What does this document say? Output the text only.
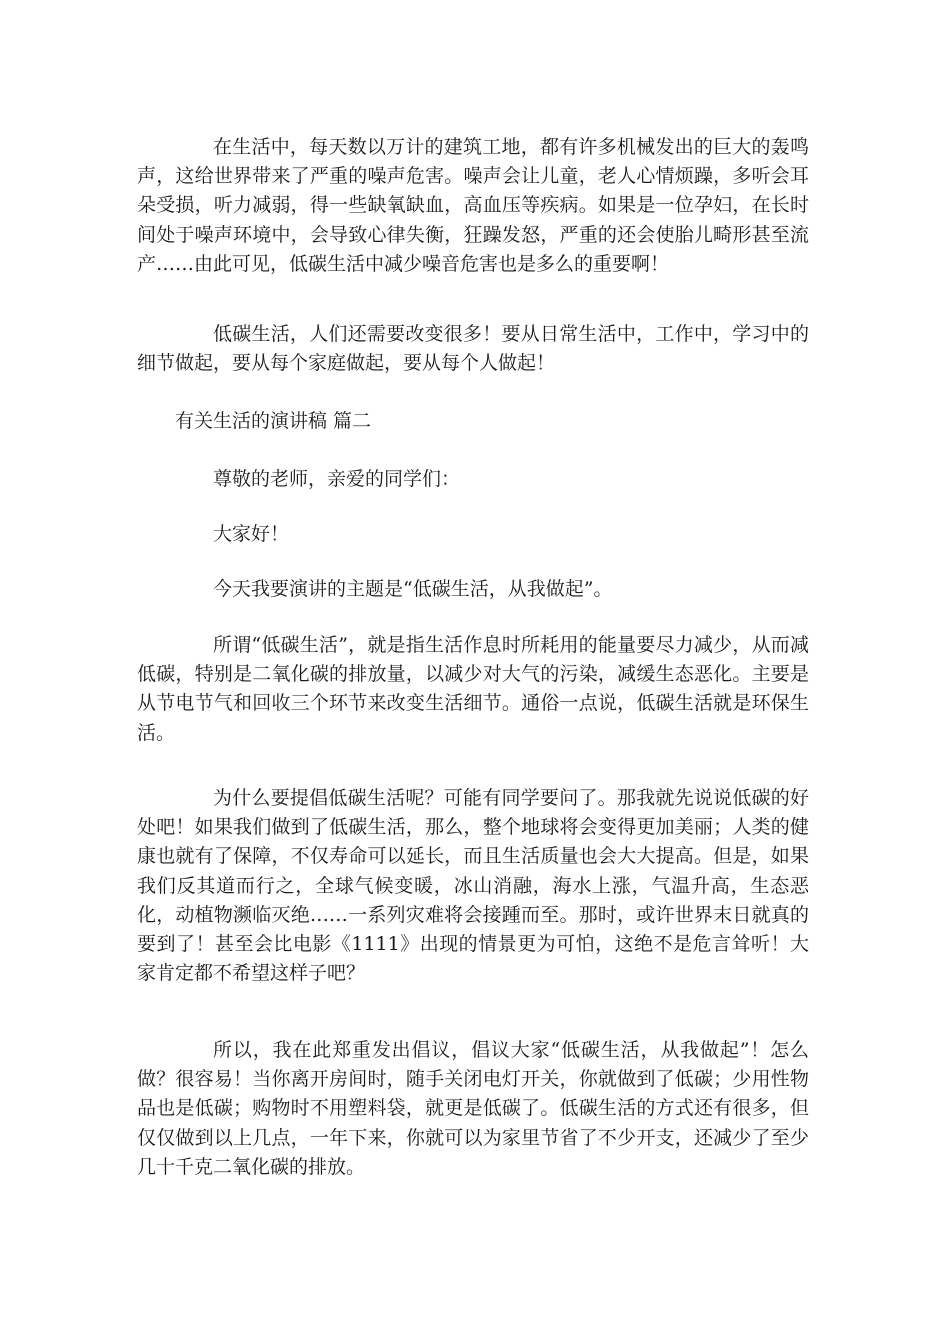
在生活中，每天数以万计的建筑工地，都有许多机械发出的巨大的轰鸣声，这给世界带来了严重的噪声危害。噪声会让儿童，老人心情烦躁，多听会耳朵受损，听力减弱，得一些缺氧缺血，高血压等疾病。如果是一位孕妇，在长时间处于噪声环境中，会导致心律失衡，狂躁发怒，严重的还会使胎儿畸形甚至流产……由此可见，低碳生活中减少噪音危害也是多么的重要啊！

低碳生活，人们还需要改变很多！要从日常生活中，工作中，学习中的细节做起，要从每个家庭做起，要从每个人做起！

有关生活的演讲稿 篇二

尊敬的老师，亲爱的同学们：

大家好！

今天我要演讲的主题是“低碳生活，从我做起”。

所谓“低碳生活”，就是指生活作息时所耗用的能量要尽力减少，从而减低碳，特别是二氧化碳的排放量，以减少对大气的污染，减缓生态恶化。主要是从节电节气和回收三个环节来改变生活细节。通俗一点说，低碳生活就是环保生活。

为什么要提倡低碳生活呢？可能有同学要问了。那我就先说说低碳的好处吧！如果我们做到了低碳生活，那么，整个地球将会变得更加美丽；人类的健康也就有了保障，不仅寿命可以延长，而且生活质量也会大大提高。但是，如果我们反其道而行之，全球气候变暖，冰山消融，海水上涨，气温升高，生态恶化，动植物濒临灭绝……一系列灾难将会接踵而至。那时，或许世界末日就真的要到了！甚至会比电影《1111》出现的情景更为可怕，这绝不是危言耸听！大家肯定都不希望这样子吧？

所以，我在此郑重发出倡议，倡议大家“低碳生活，从我做起”！怎么做？很容易！当你离开房间时，随手关闭电灯开关，你就做到了低碳；少用性物品也是低碳；购物时不用塑料袋，就更是低碳了。低碳生活的方式还有很多，但仅仅做到以上几点，一年下来，你就可以为家里节省了不少开支，还减少了至少几十千克二氧化碳的排放。
